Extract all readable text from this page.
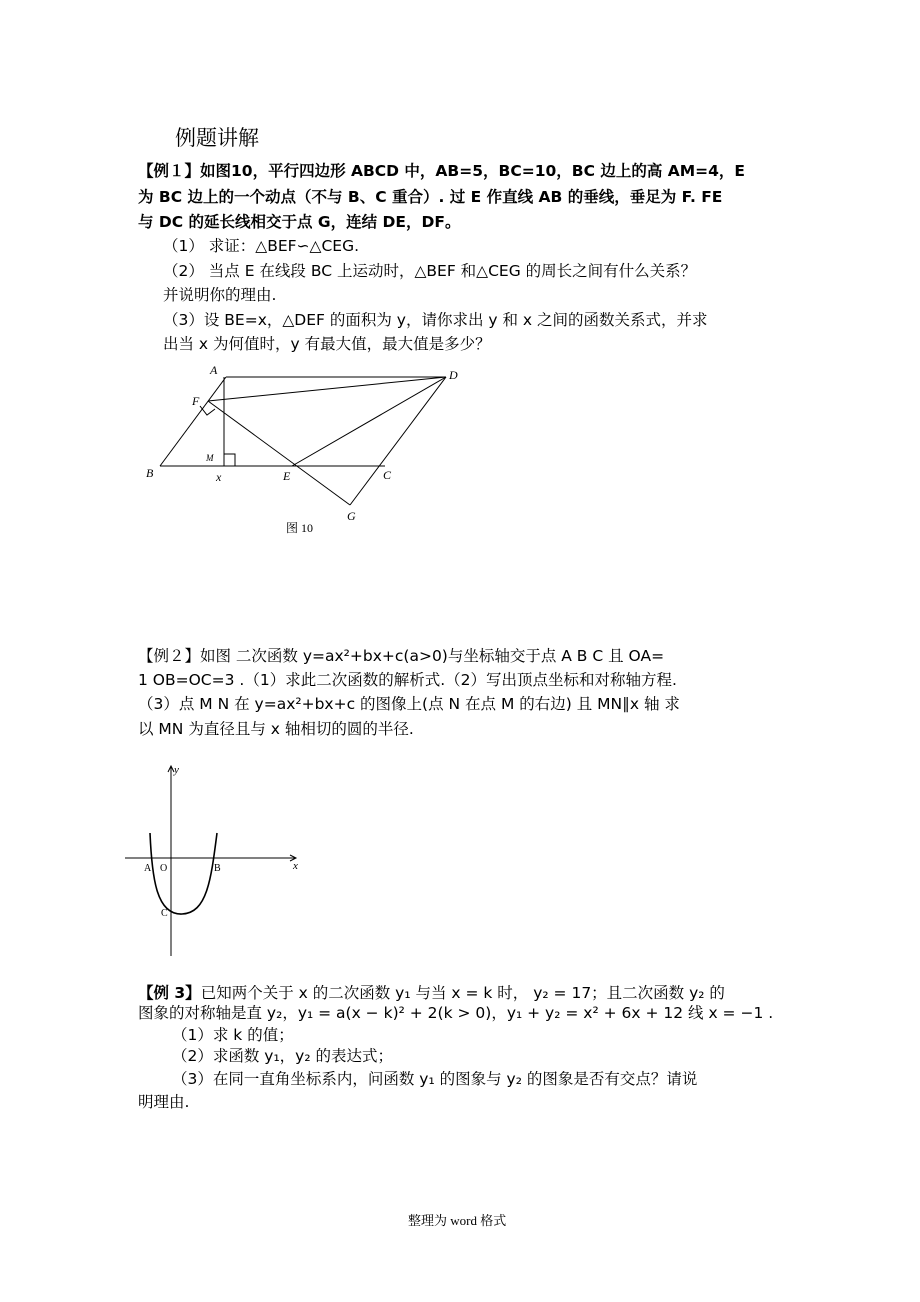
例题讲解
【例１】如图10，平行四边形 ABCD 中，AB=5，BC=10，BC 边上的高 AM=4，E
为 BC 边上的一个动点（不与 B、C 重合）. 过 E 作直线 AB 的垂线，垂足为 F. FE
与 DC 的延长线相交于点 G，连结 DE，DF。
（1） 求证：△BEF∽△CEG.
（2） 当点 E 在线段 BC 上运动时，△BEF 和△CEG 的周长之间有什么关系？
并说明你的理由.
（3）设 BE=x，△DEF 的面积为 y，请你求出 y 和 x 之间的函数关系式，并求
出当 x 为何值时，y 有最大值，最大值是多少？
A	D
F
M
B	x	E	C
G
图 10
【例２】如图 二次函数 y=ax²+bx+c(a>0)与坐标轴交于点 A B C 且 OA=
1 OB=OC=3 .（1）求此二次函数的解析式.（2）写出顶点坐标和对称轴方程.
（3）点 M N 在 y=ax²+bx+c 的图像上(点 N 在点 M 的右边) 且 MN∥x 轴 求
以 MN 为直径且与 x 轴相切的圆的半径.
y
x
A O	B
C
【例 3】已知两个关于 x 的二次函数 y₁ 与当 x = k 时， y₂ = 17；且二次函数 y₂ 的
图象的对称轴是直 y₂，y₁ = a(x − k)² + 2(k > 0)，y₁ + y₂ = x² + 6x + 12 线 x = −1 .
（1）求 k 的值；
（2）求函数 y₁，y₂ 的表达式；
（3）在同一直角坐标系内，问函数 y₁ 的图象与 y₂ 的图象是否有交点？请说
明理由.
整理为 word 格式
